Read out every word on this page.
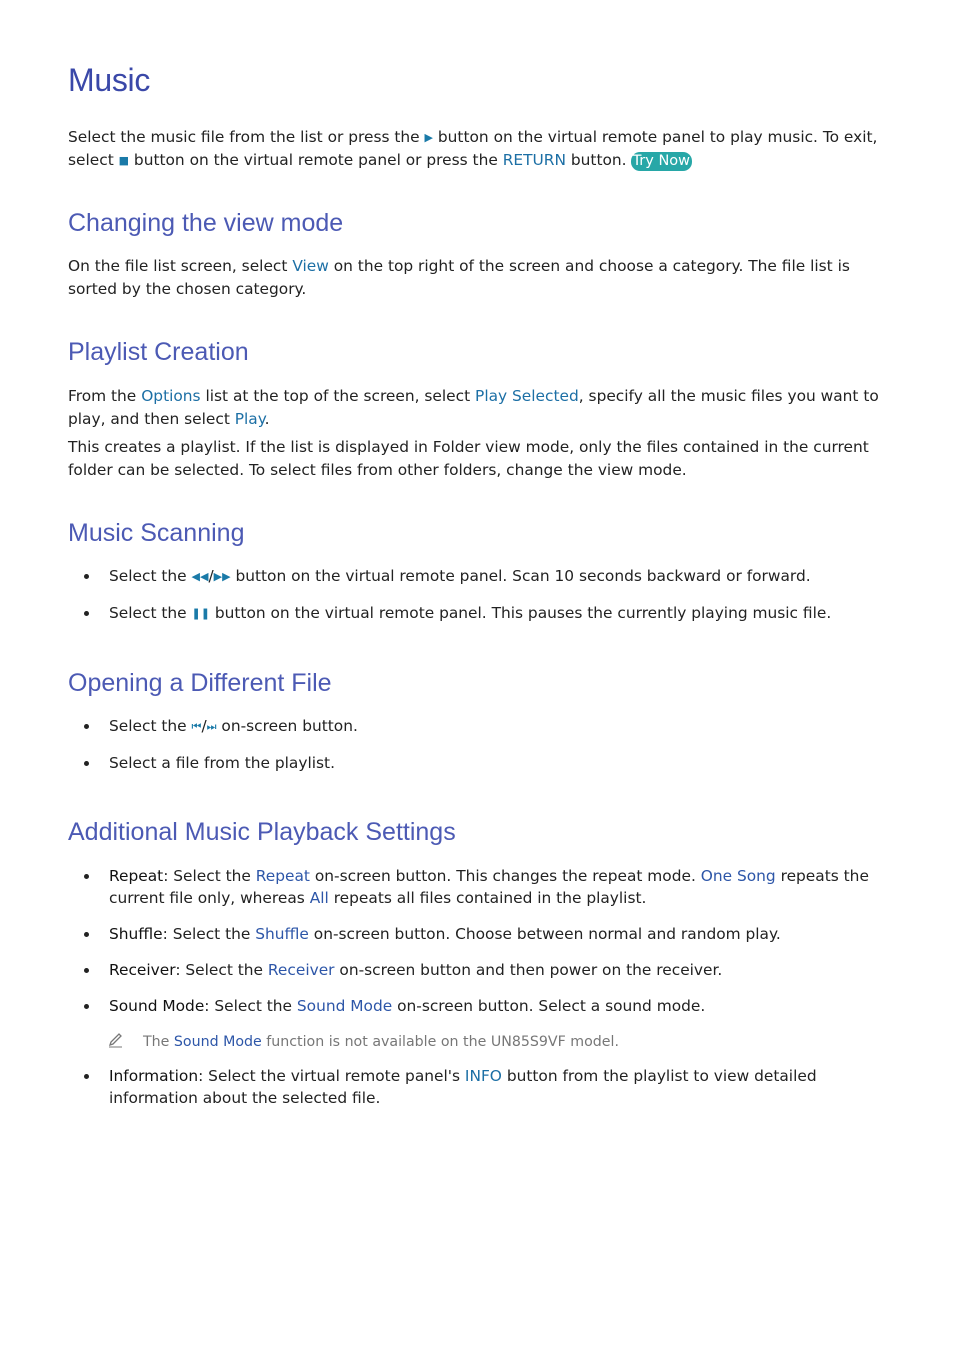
Music

Select the music file from the list or press the ▶ button on the virtual remote panel to play music. To exit, select ■ button on the virtual remote panel or press the RETURN button. Try Now

Changing the view mode

On the file list screen, select View on the top right of the screen and choose a category. The file list is sorted by the chosen category.

Playlist Creation

From the Options list at the top of the screen, select Play Selected, specify all the music files you want to play, and then select Play.

This creates a playlist. If the list is displayed in Folder view mode, only the files contained in the current folder can be selected. To select files from other folders, change the view mode.

Music Scanning
Select the ◀◀/▶▶ button on the virtual remote panel. Scan 10 seconds backward or forward.
Select the ❚❚ button on the virtual remote panel. This pauses the currently playing music file.
Opening a Different File
Select the ⏮/⏭ on-screen button.
Select a file from the playlist.
Additional Music Playback Settings
Repeat: Select the Repeat on-screen button. This changes the repeat mode. One Song repeats the current file only, whereas All repeats all files contained in the playlist.
Shuffle: Select the Shuffle on-screen button. Choose between normal and random play.
Receiver: Select the Receiver on-screen button and then power on the receiver.
Sound Mode: Select the Sound Mode on-screen button. Select a sound mode.
The Sound Mode function is not available on the UN85S9VF model.
Information: Select the virtual remote panel's INFO button from the playlist to view detailed information about the selected file.
